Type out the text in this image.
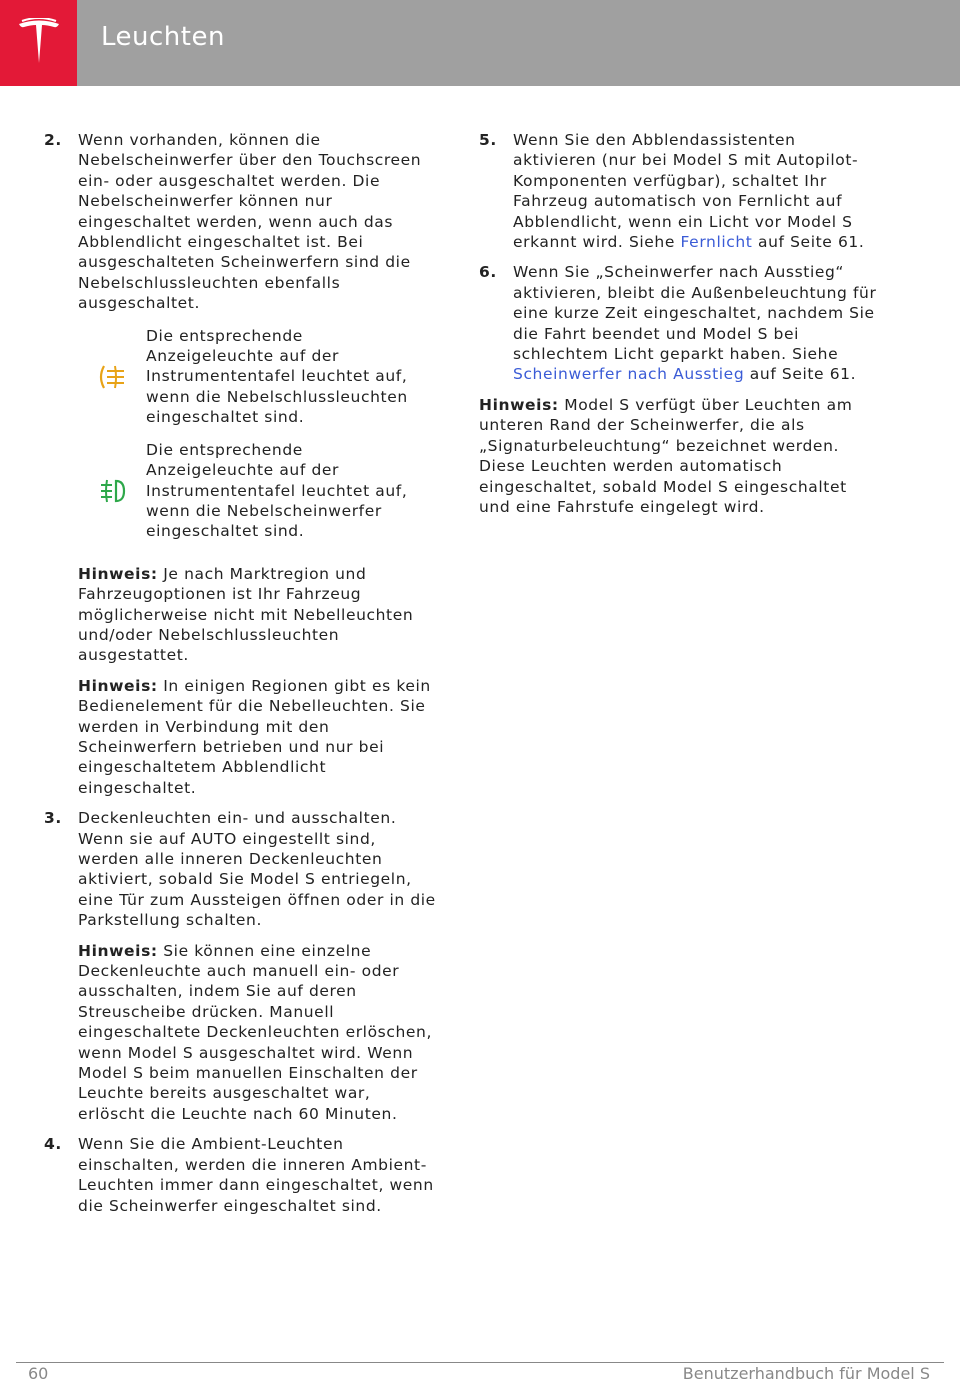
Leuchten
2. Wenn vorhanden, können die Nebelscheinwerfer über den Touchscreen ein- oder ausgeschaltet werden. Die Nebelscheinwerfer können nur eingeschaltet werden, wenn auch das Abblendlicht eingeschaltet ist. Bei ausgeschalteten Scheinwerfern sind die Nebelschlussleuchten ebenfalls ausgeschaltet.

Die entsprechende Anzeigeleuchte auf der Instrumententafel leuchtet auf, wenn die Nebelschlussleuchten eingeschaltet sind.
Die entsprechende Anzeigeleuchte auf der Instrumententafel leuchtet auf, wenn die Nebelscheinwerfer eingeschaltet sind.

Hinweis: Je nach Marktregion und Fahrzeugoptionen ist Ihr Fahrzeug möglicherweise nicht mit Nebelleuchten und/oder Nebelschlussleuchten ausgestattet.

Hinweis: In einigen Regionen gibt es kein Bedienelement für die Nebelleuchten. Sie werden in Verbindung mit den Scheinwerfern betrieben und nur bei eingeschaltetem Abblendlicht eingeschaltet.

3. Deckenleuchten ein- und ausschalten. Wenn sie auf AUTO eingestellt sind, werden alle inneren Deckenleuchten aktiviert, sobald Sie Model S entriegeln, eine Tür zum Aussteigen öffnen oder in die Parkstellung schalten.

Hinweis: Sie können eine einzelne Deckenleuchte auch manuell ein- oder ausschalten, indem Sie auf deren Streuscheibe drücken. Manuell eingeschaltete Deckenleuchten erlöschen, wenn Model S ausgeschaltet wird. Wenn Model S beim manuellen Einschalten der Leuchte bereits ausgeschaltet war, erlöscht die Leuchte nach 60 Minuten.

4. Wenn Sie die Ambient-Leuchten einschalten, werden die inneren Ambient-Leuchten immer dann eingeschaltet, wenn die Scheinwerfer eingeschaltet sind.

5. Wenn Sie den Abblendassistenten aktivieren (nur bei Model S mit Autopilot-Komponenten verfügbar), schaltet Ihr Fahrzeug automatisch von Fernlicht auf Abblendlicht, wenn ein Licht vor Model S erkannt wird. Siehe Fernlicht auf Seite 61.

6. Wenn Sie „Scheinwerfer nach Ausstieg“ aktivieren, bleibt die Außenbeleuchtung für eine kurze Zeit eingeschaltet, nachdem Sie die Fahrt beendet und Model S bei schlechtem Licht geparkt haben. Siehe Scheinwerfer nach Ausstieg auf Seite 61.

Hinweis: Model S verfügt über Leuchten am unteren Rand der Scheinwerfer, die als „Signaturbeleuchtung“ bezeichnet werden. Diese Leuchten werden automatisch eingeschaltet, sobald Model S eingeschaltet und eine Fahrstufe eingelegt wird.

60	Benutzerhandbuch für Model S
